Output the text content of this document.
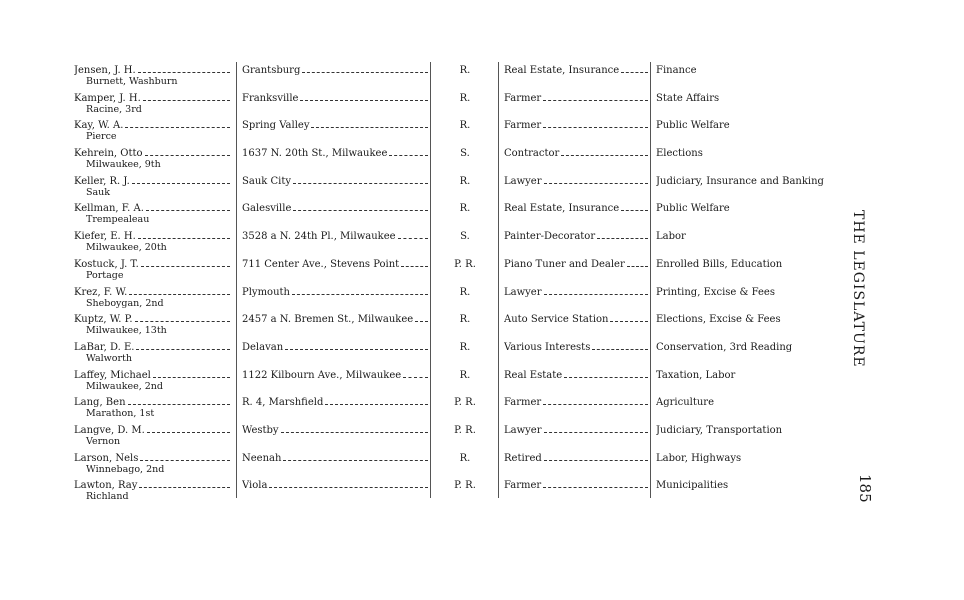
Jensen, J. H.
Burnett, Washburn
Grantsburg	R.	Real Estate, Insurance	Finance
Kamper, J. H.
Racine, 3rd
Franksville	R.	Farmer	State Affairs
Kay, W. A.
Pierce
Spring Valley	R.	Farmer	Public Welfare
Kehrein, Otto
Milwaukee, 9th
1637 N. 20th St., Milwaukee	S.	Contractor	Elections
Keller, R. J.
Sauk
Sauk City	R.	Lawyer	Judiciary, Insurance and Banking
Kellman, F. A.
Trempealeau
Galesville	R.	Real Estate, Insurance	Public Welfare
Kiefer, E. H.
Milwaukee, 20th
3528 a N. 24th Pl., Milwaukee	S.	Painter-Decorator	Labor
Kostuck, J. T.
Portage
711 Center Ave., Stevens Point	P. R.	Piano Tuner and Dealer	Enrolled Bills, Education
Krez, F. W.
Sheboygan, 2nd
Plymouth	R.	Lawyer	Printing, Excise & Fees
Kuptz, W. P.
Milwaukee, 13th
2457 a N. Bremen St., Milwaukee	R.	Auto Service Station	Elections, Excise & Fees
LaBar, D. E.
Walworth
Delavan	R.	Various Interests	Conservation, 3rd Reading
Laffey, Michael
Milwaukee, 2nd
1122 Kilbourn Ave., Milwaukee	R.	Real Estate	Taxation, Labor
Lang, Ben
Marathon, 1st
R. 4, Marshfield	P. R.	Farmer	Agriculture
Langve, D. M.
Vernon
Westby	P. R.	Lawyer	Judiciary, Transportation
Larson, Nels
Winnebago, 2nd
Neenah	R.	Retired	Labor, Highways
Lawton, Ray
Richland
Viola	P. R.	Farmer	Municipalities
THE LEGISLATURE
185
